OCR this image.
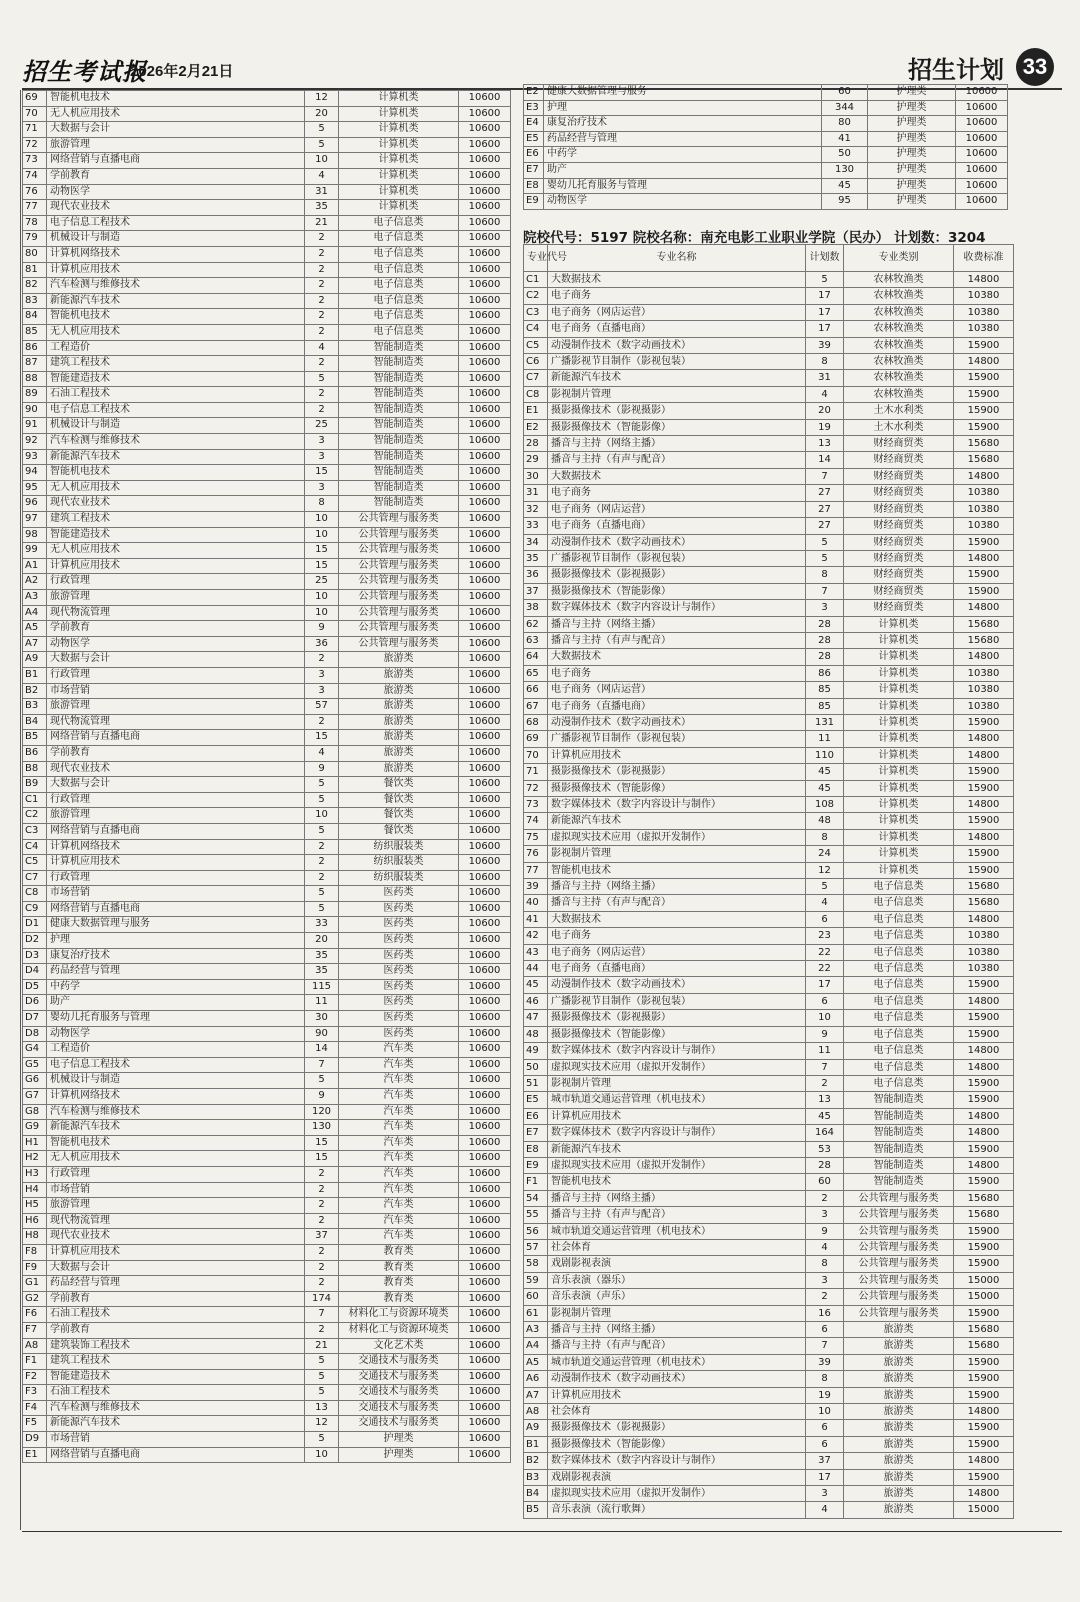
招生考试报
2026年2月21日	招生计划 33
69	智能机电技术	12	计算机类	10600
70	无人机应用技术	20	计算机类	10600
71	大数据与会计	5	计算机类	10600
72	旅游管理	5	计算机类	10600
73	网络营销与直播电商	10	计算机类	10600
74	学前教育	4	计算机类	10600
76	动物医学	31	计算机类	10600
77	现代农业技术	35	计算机类	10600
78	电子信息工程技术	21	电子信息类	10600
79	机械设计与制造	2	电子信息类	10600
80	计算机网络技术	2	电子信息类	10600
81	计算机应用技术	2	电子信息类	10600
82	汽车检测与维修技术	2	电子信息类	10600
83	新能源汽车技术	2	电子信息类	10600
84	智能机电技术	2	电子信息类	10600
85	无人机应用技术	2	电子信息类	10600
86	工程造价	4	智能制造类	10600
87	建筑工程技术	2	智能制造类	10600
88	智能建造技术	5	智能制造类	10600
89	石油工程技术	2	智能制造类	10600
90	电子信息工程技术	2	智能制造类	10600
91	机械设计与制造	25	智能制造类	10600
92	汽车检测与维修技术	3	智能制造类	10600
93	新能源汽车技术	3	智能制造类	10600
94	智能机电技术	15	智能制造类	10600
95	无人机应用技术	3	智能制造类	10600
96	现代农业技术	8	智能制造类	10600
97	建筑工程技术	10	公共管理与服务类	10600
98	智能建造技术	10	公共管理与服务类	10600
99	无人机应用技术	15	公共管理与服务类	10600
A1	计算机应用技术	15	公共管理与服务类	10600
A2	行政管理	25	公共管理与服务类	10600
A3	旅游管理	10	公共管理与服务类	10600
A4	现代物流管理	10	公共管理与服务类	10600
A5	学前教育	9	公共管理与服务类	10600
A7	动物医学	36	公共管理与服务类	10600
A9	大数据与会计	2	旅游类	10600
B1	行政管理	3	旅游类	10600
B2	市场营销	3	旅游类	10600
B3	旅游管理	57	旅游类	10600
B4	现代物流管理	2	旅游类	10600
B5	网络营销与直播电商	15	旅游类	10600
B6	学前教育	4	旅游类	10600
B8	现代农业技术	9	旅游类	10600
B9	大数据与会计	5	餐饮类	10600
C1	行政管理	5	餐饮类	10600
C2	旅游管理	10	餐饮类	10600
C3	网络营销与直播电商	5	餐饮类	10600
C4	计算机网络技术	2	纺织服装类	10600
C5	计算机应用技术	2	纺织服装类	10600
C7	行政管理	2	纺织服装类	10600
C8	市场营销	5	医药类	10600
C9	网络营销与直播电商	5	医药类	10600
D1	健康大数据管理与服务	33	医药类	10600
D2	护理	20	医药类	10600
D3	康复治疗技术	35	医药类	10600
D4	药品经营与管理	35	医药类	10600
D5	中药学	115	医药类	10600
D6	助产	11	医药类	10600
D7	婴幼儿托育服务与管理	30	医药类	10600
D8	动物医学	90	医药类	10600
G4	工程造价	14	汽车类	10600
G5	电子信息工程技术	7	汽车类	10600
G6	机械设计与制造	5	汽车类	10600
G7	计算机网络技术	9	汽车类	10600
G8	汽车检测与维修技术	120	汽车类	10600
G9	新能源汽车技术	130	汽车类	10600
H1	智能机电技术	15	汽车类	10600
H2	无人机应用技术	15	汽车类	10600
H3	行政管理	2	汽车类	10600
H4	市场营销	2	汽车类	10600
H5	旅游管理	2	汽车类	10600
H6	现代物流管理	2	汽车类	10600
H8	现代农业技术	37	汽车类	10600
F8	计算机应用技术	2	教育类	10600
F9	大数据与会计	2	教育类	10600
G1	药品经营与管理	2	教育类	10600
G2	学前教育	174	教育类	10600
F6	石油工程技术	7	材料化工与资源环境类	10600
F7	学前教育	2	材料化工与资源环境类	10600
A8	建筑装饰工程技术	21	文化艺术类	10600
F1	建筑工程技术	5	交通技术与服务类	10600
F2	智能建造技术	5	交通技术与服务类	10600
F3	石油工程技术	5	交通技术与服务类	10600
F4	汽车检测与维修技术	13	交通技术与服务类	10600
F5	新能源汽车技术	12	交通技术与服务类	10600
D9	市场营销	5	护理类	10600
E1	网络营销与直播电商	10	护理类	10600
E2	健康大数据管理与服务	60	护理类	10600
E3	护理	344	护理类	10600
E4	康复治疗技术	80	护理类	10600
E5	药品经营与管理	41	护理类	10600
E6	中药学	50	护理类	10600
E7	助产	130	护理类	10600
E8	婴幼儿托育服务与管理	45	护理类	10600
E9	动物医学	95	护理类	10600
院校代号：5197 院校名称：南充电影工业职业学院（民办） 计划数：3204
专业代号	专业名称	计划数	专业类别	收费标准
C1	大数据技术	5	农林牧渔类	14800
C2	电子商务	17	农林牧渔类	10380
C3	电子商务（网店运营）	17	农林牧渔类	10380
C4	电子商务（直播电商）	17	农林牧渔类	10380
C5	动漫制作技术（数字动画技术）	39	农林牧渔类	15900
C6	广播影视节目制作（影视包装）	8	农林牧渔类	14800
C7	新能源汽车技术	31	农林牧渔类	15900
C8	影视制片管理	4	农林牧渔类	15900
E1	摄影摄像技术（影视摄影）	20	土木水利类	15900
E2	摄影摄像技术（智能影像）	19	土木水利类	15900
28	播音与主持（网络主播）	13	财经商贸类	15680
29	播音与主持（有声与配音）	14	财经商贸类	15680
30	大数据技术	7	财经商贸类	14800
31	电子商务	27	财经商贸类	10380
32	电子商务（网店运营）	27	财经商贸类	10380
33	电子商务（直播电商）	27	财经商贸类	10380
34	动漫制作技术（数字动画技术）	5	财经商贸类	15900
35	广播影视节目制作（影视包装）	5	财经商贸类	14800
36	摄影摄像技术（影视摄影）	8	财经商贸类	15900
37	摄影摄像技术（智能影像）	7	财经商贸类	15900
38	数字媒体技术（数字内容设计与制作）	3	财经商贸类	14800
62	播音与主持（网络主播）	28	计算机类	15680
63	播音与主持（有声与配音）	28	计算机类	15680
64	大数据技术	28	计算机类	14800
65	电子商务	86	计算机类	10380
66	电子商务（网店运营）	85	计算机类	10380
67	电子商务（直播电商）	85	计算机类	10380
68	动漫制作技术（数字动画技术）	131	计算机类	15900
69	广播影视节目制作（影视包装）	11	计算机类	14800
70	计算机应用技术	110	计算机类	14800
71	摄影摄像技术（影视摄影）	45	计算机类	15900
72	摄影摄像技术（智能影像）	45	计算机类	15900
73	数字媒体技术（数字内容设计与制作）	108	计算机类	14800
74	新能源汽车技术	48	计算机类	15900
75	虚拟现实技术应用（虚拟开发制作）	8	计算机类	14800
76	影视制片管理	24	计算机类	15900
77	智能机电技术	12	计算机类	15900
39	播音与主持（网络主播）	5	电子信息类	15680
40	播音与主持（有声与配音）	4	电子信息类	15680
41	大数据技术	6	电子信息类	14800
42	电子商务	23	电子信息类	10380
43	电子商务（网店运营）	22	电子信息类	10380
44	电子商务（直播电商）	22	电子信息类	10380
45	动漫制作技术（数字动画技术）	17	电子信息类	15900
46	广播影视节目制作（影视包装）	6	电子信息类	14800
47	摄影摄像技术（影视摄影）	10	电子信息类	15900
48	摄影摄像技术（智能影像）	9	电子信息类	15900
49	数字媒体技术（数字内容设计与制作）	11	电子信息类	14800
50	虚拟现实技术应用（虚拟开发制作）	7	电子信息类	14800
51	影视制片管理	2	电子信息类	15900
E5	城市轨道交通运营管理（机电技术）	13	智能制造类	15900
E6	计算机应用技术	45	智能制造类	14800
E7	数字媒体技术（数字内容设计与制作）	164	智能制造类	14800
E8	新能源汽车技术	53	智能制造类	15900
E9	虚拟现实技术应用（虚拟开发制作）	28	智能制造类	14800
F1	智能机电技术	60	智能制造类	15900
54	播音与主持（网络主播）	2	公共管理与服务类	15680
55	播音与主持（有声与配音）	3	公共管理与服务类	15680
56	城市轨道交通运营管理（机电技术）	9	公共管理与服务类	15900
57	社会体育	4	公共管理与服务类	15900
58	戏剧影视表演	8	公共管理与服务类	15900
59	音乐表演（器乐）	3	公共管理与服务类	15000
60	音乐表演（声乐）	2	公共管理与服务类	15000
61	影视制片管理	16	公共管理与服务类	15900
A3	播音与主持（网络主播）	6	旅游类	15680
A4	播音与主持（有声与配音）	7	旅游类	15680
A5	城市轨道交通运营管理（机电技术）	39	旅游类	15900
A6	动漫制作技术（数字动画技术）	8	旅游类	15900
A7	计算机应用技术	19	旅游类	15900
A8	社会体育	10	旅游类	14800
A9	摄影摄像技术（影视摄影）	6	旅游类	15900
B1	摄影摄像技术（智能影像）	6	旅游类	15900
B2	数字媒体技术（数字内容设计与制作）	37	旅游类	14800
B3	戏剧影视表演	17	旅游类	15900
B4	虚拟现实技术应用（虚拟开发制作）	3	旅游类	14800
B5	音乐表演（流行歌舞）	4	旅游类	15000
